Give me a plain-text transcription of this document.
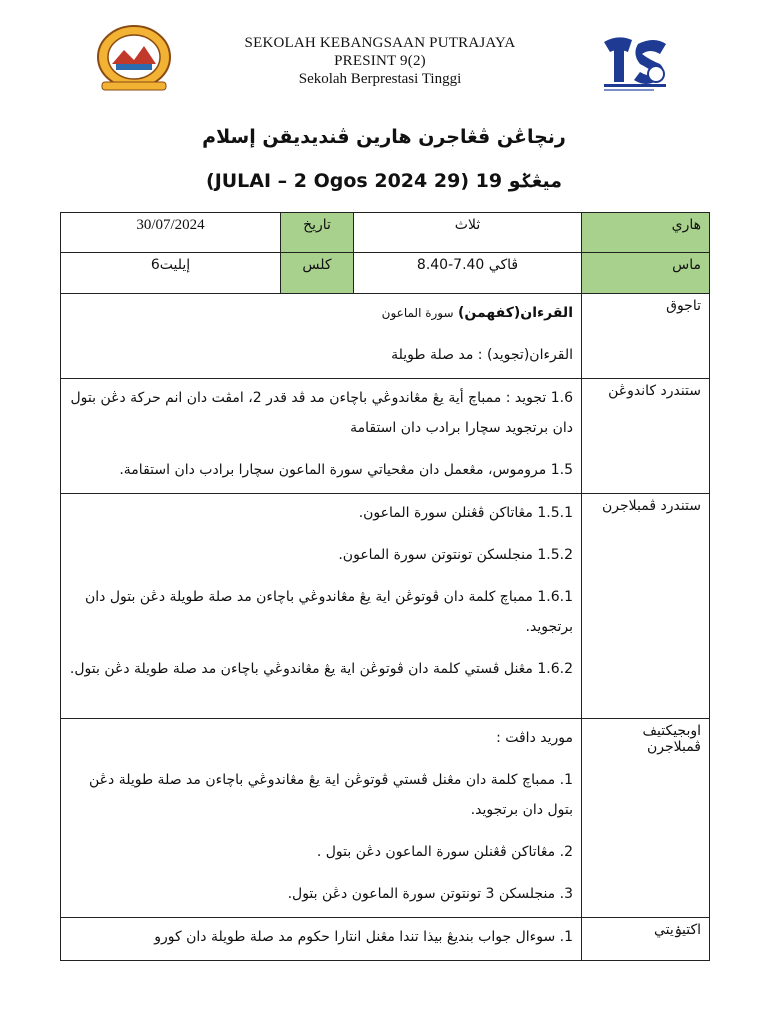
SEKOLAH KEBANGSAAN PUTRAJAYA
PRESINT 9(2)
Sekolah Berprestasi Tinggi
رنچاڠن ڤڠاجرن هارين ڤنديديقن إسلام
ميڠݢو 19 (29 JULAI – 2 Ogos 2024)
هاري	ثلاث	تاريخ	30/07/2024
ماس	ڤاکي 7.40-8.40	کلس	إيليت6
تاجوق	القرءان(کفهمن) سورة الماعون

القرءان(تجويد) : مد صلة طويلة		

ستندرد کاندوڠن	1.6 تجويد : ممباچ أية يڠ مڠاندوڠي باچاءن مد ڤد قدر 2، امڤت دان انم حرکة دڠن بتول دان برتجويد سچارا برادب دان استقامة

1.5 مروموس، مڠعمل دان مڠحياتي سورة الماعون سچارا برادب دان استقامة.		

ستندرد ڤمبلاجرن	1.5.1 مڠاتاکن ڤڠنلن سورة الماعون.

1.5.2 منجلسکن تونتوتن سورة الماعون.

1.6.1 ممباچ کلمة دان ڤوتوڠن اية يڠ مڠاندوڠي باچاءن مد صلة طويلة دڠن بتول دان برتجويد.

1.6.2 مڠنل ڤستي کلمة دان ڤوتوڠن اية يڠ مڠاندوڠي باچاءن مد صلة طويلة دڠن بتول.		

اوبجيکتيف ڤمبلاجرن	موريد داڤت :

1. ممباچ کلمة دان مڠنل ڤستي ڤوتوڠن اية يڠ مڠاندوڠي باچاءن مد صلة طويلة دڠن بتول دان برتجويد.

2. مڠاتاکن ڤڠنلن سورة الماعون دڠن بتول .

3. منجلسکن 3 تونتوتن سورة الماعون دڠن بتول.		

اکتيۏيتي	1. سوءال جواب بنديڠ بيذا تندا مڠنل انتارا حکوم مد صلة طويلة دان کورو		
